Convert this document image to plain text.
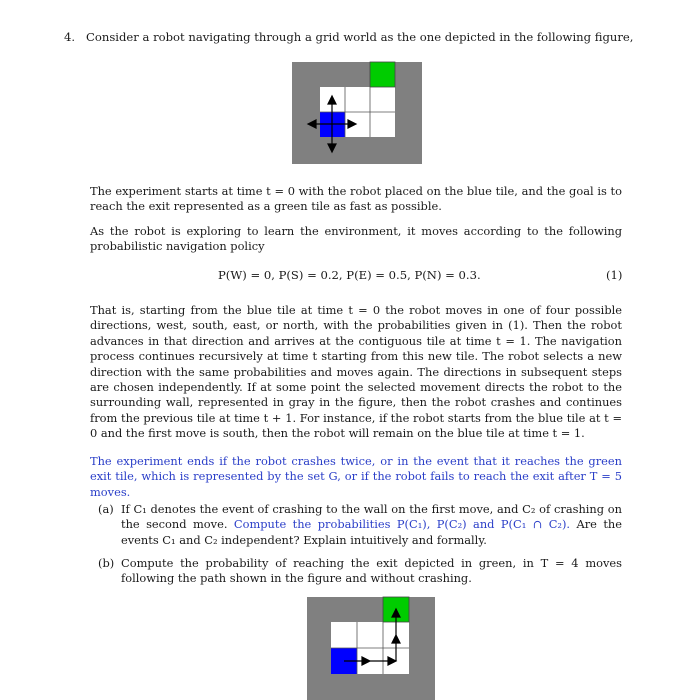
4. Consider a robot navigating through a grid world as the one depicted in the following figure,

The experiment starts at time t = 0 with the robot placed on the blue tile, and the goal is to reach the exit represented as a green tile as fast as possible.

As the robot is exploring to learn the environment, it moves according to the following probabilistic navigation policy

P(W) = 0, P(S) = 0.2, P(E) = 0.5, P(N) = 0.3.	(1)

That is, starting from the blue tile at time t = 0 the robot moves in one of four possible directions, west, south, east, or north, with the probabilities given in (1). Then the robot advances in that direction and arrives at the contiguous tile at time t = 1. The navigation process continues recursively at time t starting from this new tile. The robot selects a new direction with the same probabilities and moves again. The directions in subsequent steps are chosen independently. If at some point the selected movement directs the robot to the surrounding wall, represented in gray in the figure, then the robot crashes and continues from the previous tile at time t + 1. For instance, if the robot starts from the blue tile at t = 0 and the first move is south, then the robot will remain on the blue tile at time t = 1.

The experiment ends if the robot crashes twice, or in the event that it reaches the green exit tile, which is represented by the set G, or if the robot fails to reach the exit after T = 5 moves.

(a) If C₁ denotes the event of crashing to the wall on the first move, and C₂ of crashing on the second move. Compute the probabilities P(C₁), P(C₂) and P(C₁ ∩ C₂). Are the events C₁ and C₂ independent? Explain intuitively and formally.

(b) Compute the probability of reaching the exit depicted in green, in T = 4 moves following the path shown in the figure and without crashing.
